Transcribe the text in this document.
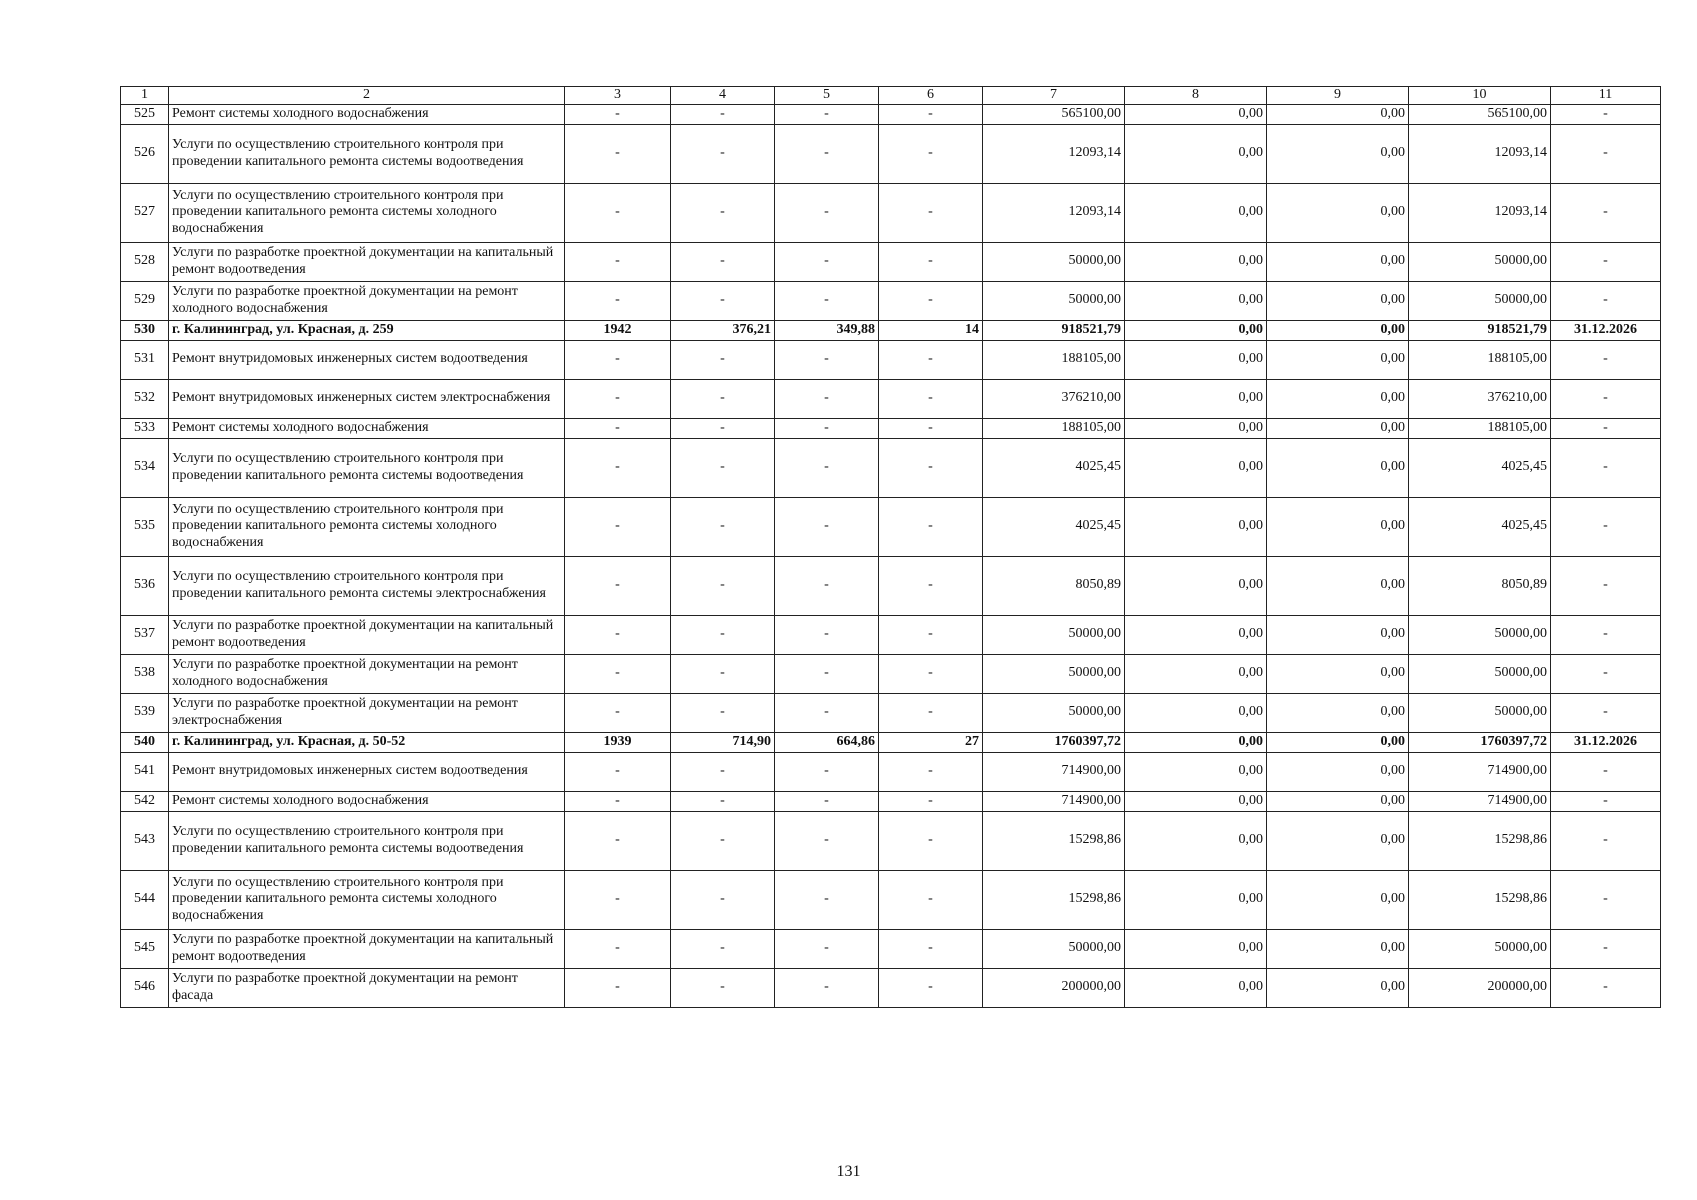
1	2	3	4	5	6	7	8	9	10	11
525	Ремонт системы холодного водоснабжения	-	-	-	-	565100,00	0,00	0,00	565100,00	-
526	Услуги по осуществлению строительного контроля при проведении капитального ремонта системы водоотведения	-	-	-	-	12093,14	0,00	0,00	12093,14	-
527	Услуги по осуществлению строительного контроля при проведении капитального ремонта системы холодного водоснабжения	-	-	-	-	12093,14	0,00	0,00	12093,14	-
528	Услуги по разработке проектной документации на капитальный ремонт водоотведения	-	-	-	-	50000,00	0,00	0,00	50000,00	-
529	Услуги по разработке проектной документации на ремонт холодного водоснабжения	-	-	-	-	50000,00	0,00	0,00	50000,00	-
530	г. Калининград, ул. Красная, д. 259	1942	376,21	349,88	14	918521,79	0,00	0,00	918521,79	31.12.2026
531	Ремонт внутридомовых инженерных систем водоотведения	-	-	-	-	188105,00	0,00	0,00	188105,00	-
532	Ремонт внутридомовых инженерных систем электроснабжения	-	-	-	-	376210,00	0,00	0,00	376210,00	-
533	Ремонт системы холодного водоснабжения	-	-	-	-	188105,00	0,00	0,00	188105,00	-
534	Услуги по осуществлению строительного контроля при проведении капитального ремонта системы водоотведения	-	-	-	-	4025,45	0,00	0,00	4025,45	-
535	Услуги по осуществлению строительного контроля при проведении капитального ремонта системы холодного водоснабжения	-	-	-	-	4025,45	0,00	0,00	4025,45	-
536	Услуги по осуществлению строительного контроля при проведении капитального ремонта системы электроснабжения	-	-	-	-	8050,89	0,00	0,00	8050,89	-
537	Услуги по разработке проектной документации на капитальный ремонт водоотведения	-	-	-	-	50000,00	0,00	0,00	50000,00	-
538	Услуги по разработке проектной документации на ремонт холодного водоснабжения	-	-	-	-	50000,00	0,00	0,00	50000,00	-
539	Услуги по разработке проектной документации на ремонт электроснабжения	-	-	-	-	50000,00	0,00	0,00	50000,00	-
540	г. Калининград, ул. Красная, д. 50-52	1939	714,90	664,86	27	1760397,72	0,00	0,00	1760397,72	31.12.2026
541	Ремонт внутридомовых инженерных систем водоотведения	-	-	-	-	714900,00	0,00	0,00	714900,00	-
542	Ремонт системы холодного водоснабжения	-	-	-	-	714900,00	0,00	0,00	714900,00	-
543	Услуги по осуществлению строительного контроля при проведении капитального ремонта системы водоотведения	-	-	-	-	15298,86	0,00	0,00	15298,86	-
544	Услуги по осуществлению строительного контроля при проведении капитального ремонта системы холодного водоснабжения	-	-	-	-	15298,86	0,00	0,00	15298,86	-
545	Услуги по разработке проектной документации на капитальный ремонт водоотведения	-	-	-	-	50000,00	0,00	0,00	50000,00	-
546	Услуги по разработке проектной документации на ремонт фасада	-	-	-	-	200000,00	0,00	0,00	200000,00	-
131
